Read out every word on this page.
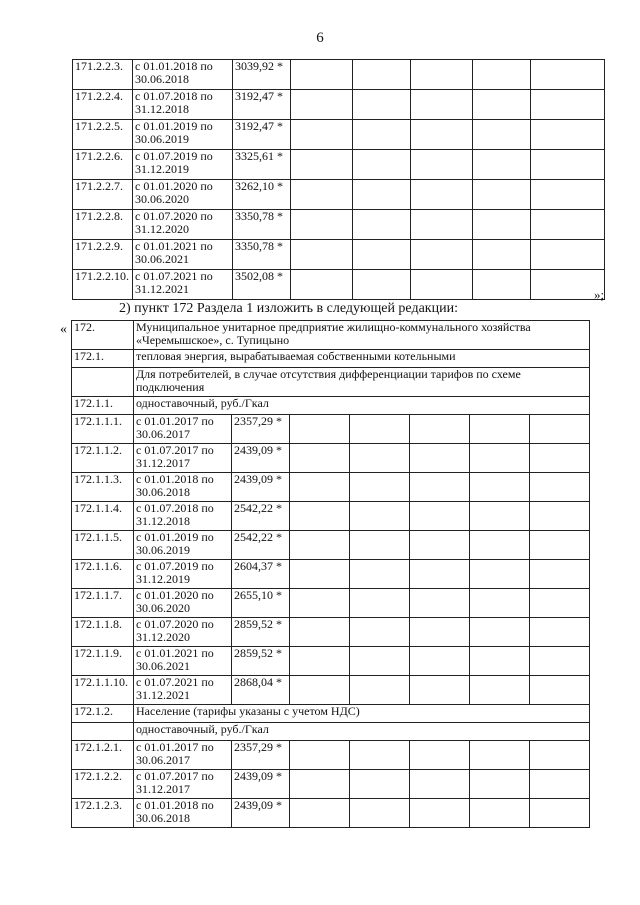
6
171.2.2.3.	с 01.01.2018 по 30.06.2018	3039,92 *					
171.2.2.4.	с 01.07.2018 по 31.12.2018	3192,47 *					
171.2.2.5.	с 01.01.2019 по 30.06.2019	3192,47 *					
171.2.2.6.	с 01.07.2019 по 31.12.2019	3325,61 *					
171.2.2.7.	с 01.01.2020 по 30.06.2020	3262,10 *					
171.2.2.8.	с 01.07.2020 по 31.12.2020	3350,78 *					
171.2.2.9.	с 01.01.2021 по 30.06.2021	3350,78 *					
171.2.2.10.	с 01.07.2021 по 31.12.2021	3502,08 *					
»;
2) пункт 172 Раздела 1 изложить в следующей редакции:
« 172.	Муниципальное унитарное предприятие жилищно-коммунального хозяйства «Черемышское», с. Тупицыно						
172.1.	тепловая энергия, вырабатываемая собственными котельными						
	Для потребителей, в случае отсутствия дифференциации тарифов по схеме подключения						
172.1.1.	одноставочный, руб./Гкал						
172.1.1.1.	с 01.01.2017 по 30.06.2017	2357,29 *					
172.1.1.2.	с 01.07.2017 по 31.12.2017	2439,09 *					
172.1.1.3.	с 01.01.2018 по 30.06.2018	2439,09 *					
172.1.1.4.	с 01.07.2018 по 31.12.2018	2542,22 *					
172.1.1.5.	с 01.01.2019 по 30.06.2019	2542,22 *					
172.1.1.6.	с 01.07.2019 по 31.12.2019	2604,37 *					
172.1.1.7.	с 01.01.2020 по 30.06.2020	2655,10 *					
172.1.1.8.	с 01.07.2020 по 31.12.2020	2859,52 *					
172.1.1.9.	с 01.01.2021 по 30.06.2021	2859,52 *					
172.1.1.10.	с 01.07.2021 по 31.12.2021	2868,04 *					
172.1.2.	Население (тарифы указаны с учетом НДС)						
	одноставочный, руб./Гкал						
172.1.2.1.	с 01.01.2017 по 30.06.2017	2357,29 *					
172.1.2.2.	с 01.07.2017 по 31.12.2017	2439,09 *					
172.1.2.3.	с 01.01.2018 по 30.06.2018	2439,09 *					
